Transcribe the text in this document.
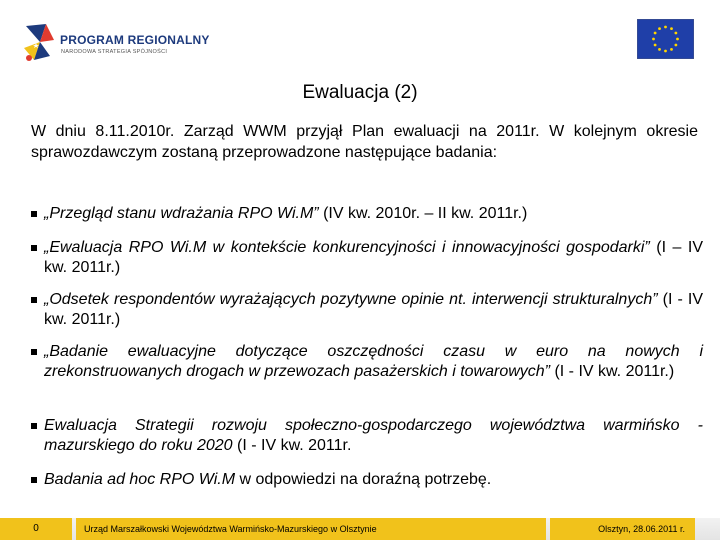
PROGRAM REGIONALNY
NARODOWA STRATEGIA SPÓJNOŚCI
Ewaluacja (2)
W dniu 8.11.2010r. Zarząd WWM przyjął Plan ewaluacji na 2011r. W kolejnym okresie sprawozdawczym zostaną przeprowadzone następujące badania:
„Przegląd stanu wdrażania RPO Wi.M” (IV kw. 2010r. – II kw. 2011r.)
„Ewaluacja RPO Wi.M w kontekście konkurencyjności i innowacyjności gospodarki” (I – IV kw. 2011r.)
„Odsetek respondentów wyrażających pozytywne opinie nt. interwencji strukturalnych” (I - IV kw. 2011r.)
„Badanie ewaluacyjne dotyczące oszczędności czasu w euro na nowych i zrekonstruowanych drogach w przewozach pasażerskich i towarowych” (I - IV kw. 2011r.)
Ewaluacja Strategii rozwoju społeczno-gospodarczego województwa warmińsko - mazurskiego do roku 2020 (I - IV kw. 2011r.
Badania ad hoc RPO Wi.M w odpowiedzi na doraźną potrzebę.
0	Urząd Marszałkowski Województwa Warmińsko-Mazurskiego w Olsztynie	Olsztyn, 28.06.2011 r.
